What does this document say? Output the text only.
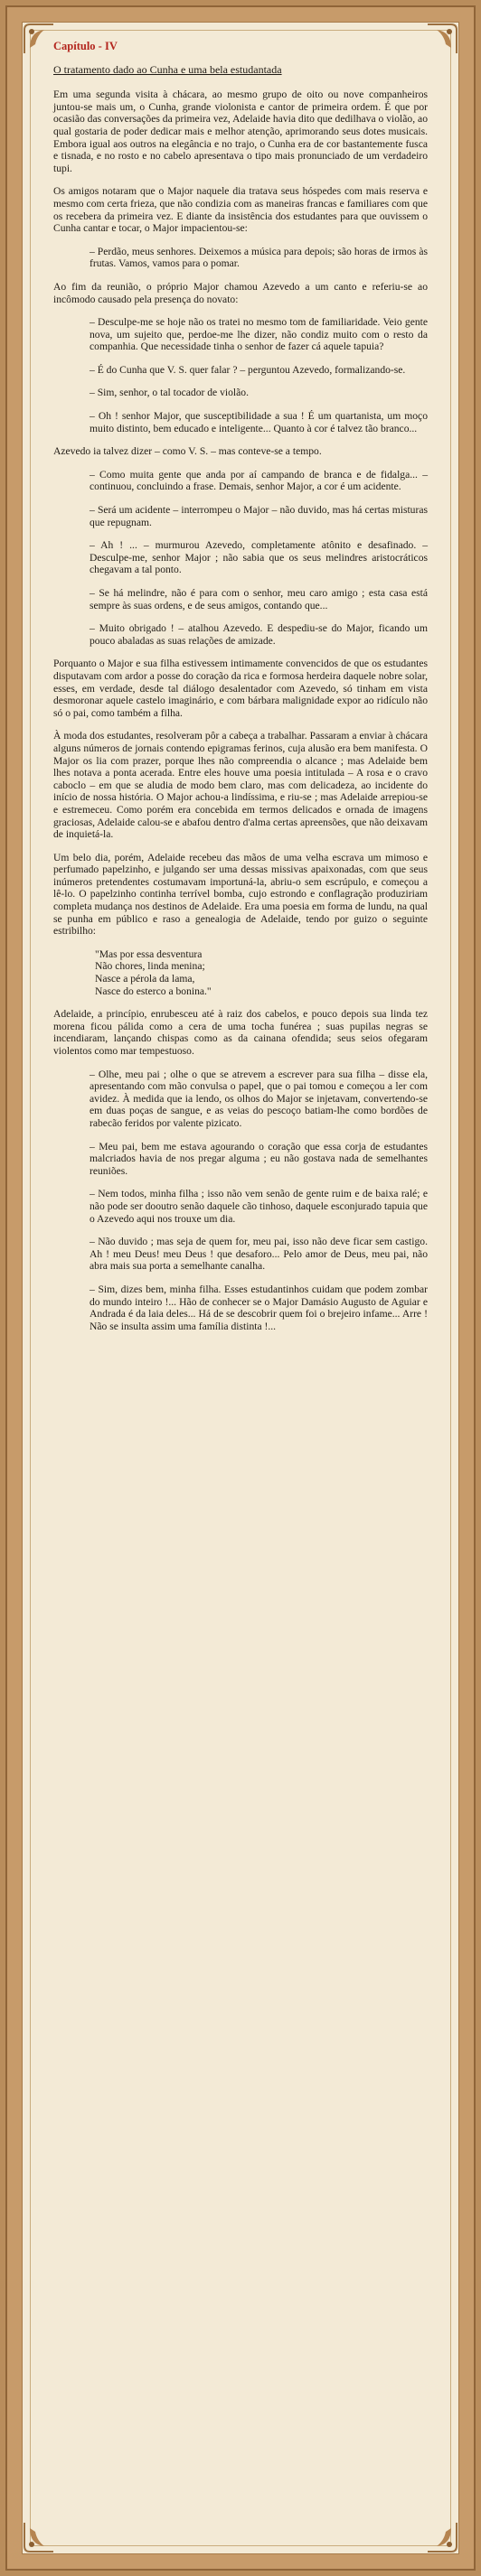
Capítulo - IV
O tratamento dado ao Cunha e uma bela estudantada

Em uma segunda visita à chácara, ao mesmo grupo de oito ou nove companheiros juntou-se mais um, o Cunha, grande violonista e cantor de primeira ordem. É que por ocasião das conversações da primeira vez, Adelaide havia dito que dedilhava o violão, ao qual gostaria de poder dedicar mais e melhor atenção, aprimorando seus dotes musicais. Embora igual aos outros na elegância e no trajo, o Cunha era de cor bastantemente fusca e tisnada, e no rosto e no cabelo apresentava o tipo mais pronunciado de um verdadeiro tupi.

Os amigos notaram que o Major naquele dia tratava seus hóspedes com mais reserva e mesmo com certa frieza, que não condizia com as maneiras francas e familiares com que os recebera da primeira vez. E diante da insistência dos estudantes para que ouvissem o Cunha cantar e tocar, o Major impacientou-se:

– Perdão, meus senhores. Deixemos a música para depois; são horas de irmos às frutas. Vamos, vamos para o pomar.

Ao fim da reunião, o próprio Major chamou Azevedo a um canto e referiu-se ao incômodo causado pela presença do novato:

– Desculpe-me se hoje não os tratei no mesmo tom de familiaridade. Veio gente nova, um sujeito que, perdoe-me lhe dizer, não condiz muito com o resto da companhia. Que necessidade tinha o senhor de fazer cá aquele tapuia?

– É do Cunha que V. S. quer falar ? – perguntou Azevedo, formalizando-se.

– Sim, senhor, o tal tocador de violão.

– Oh ! senhor Major, que susceptibilidade a sua ! É um quartanista, um moço muito distinto, bem educado e inteligente... Quanto à cor é talvez tão branco...

Azevedo ia talvez dizer – como V. S. – mas conteve-se a tempo.

– Como muita gente que anda por aí campando de branca e de fidalga... – continuou, concluindo a frase. Demais, senhor Major, a cor é um acidente.

– Será um acidente – interrompeu o Major – não duvido, mas há certas misturas que repugnam.

– Ah ! ... – murmurou Azevedo, completamente atônito e desafinado. – Desculpe-me, senhor Major ; não sabia que os seus melindres aristocráticos chegavam a tal ponto.

– Se há melindre, não é para com o senhor, meu caro amigo ; esta casa está sempre às suas ordens, e de seus amigos, contando que...

– Muito obrigado ! – atalhou Azevedo. E despediu-se do Major, ficando um pouco abaladas as suas relações de amizade.

Porquanto o Major e sua filha estivessem intimamente convencidos de que os estudantes disputavam com ardor a posse do coração da rica e formosa herdeira daquele nobre solar, esses, em verdade, desde tal diálogo desalentador com Azevedo, só tinham em vista desmoronar aquele castelo imaginário, e com bárbara malignidade expor ao ridículo não só o pai, como também a filha.

À moda dos estudantes, resolveram pôr a cabeça a trabalhar. Passaram a enviar à chácara alguns números de jornais contendo epigramas ferinos, cuja alusão era bem manifesta. O Major os lia com prazer, porque lhes não compreendia o alcance ; mas Adelaide bem lhes notava a ponta acerada. Entre eles houve uma poesia intitulada – A rosa e o cravo caboclo – em que se aludia de modo bem claro, mas com delicadeza, ao incidente do início de nossa história. O Major achou-a lindíssima, e riu-se ; mas Adelaide arrepiou-se e estremeceu. Como porém era concebida em termos delicados e ornada de imagens graciosas, Adelaide calou-se e abafou dentro d'alma certas apreensões, que não deixavam de inquietá-la.

Um belo dia, porém, Adelaide recebeu das mãos de uma velha escrava um mimoso e perfumado papelzinho, e julgando ser uma dessas missivas apaixonadas, com que seus inúmeros pretendentes costumavam importuná-la, abriu-o sem escrúpulo, e começou a lê-lo. O papelzinho continha terrível bomba, cujo estrondo e conflagração produziriam completa mudança nos destinos de Adelaide. Era uma poesia em forma de lundu, na qual se punha em público e raso a genealogia de Adelaide, tendo por guizo o seguinte estribilho:

"Mas por essa desventura
Não chores, linda menina;
Nasce a pérola da lama,
Nasce do esterco a bonina."

Adelaide, a princípio, enrubesceu até à raiz dos cabelos, e pouco depois sua linda tez morena ficou pálida como a cera de uma tocha funérea ; suas pupilas negras se incendiaram, lançando chispas como as da cainana ofendida; seus seios ofegaram violentos como mar tempestuoso.

– Olhe, meu pai ; olhe o que se atrevem a escrever para sua filha – disse ela, apresentando com mão convulsa o papel, que o pai tomou e começou a ler com avidez. À medida que ia lendo, os olhos do Major se injetavam, convertendo-se em duas poças de sangue, e as veias do pescoço batiam-lhe como bordões de rabecão feridos por valente pizicato.

– Meu pai, bem me estava agourando o coração que essa corja de estudantes malcriados havia de nos pregar alguma ; eu não gostava nada de semelhantes reuniões.

– Nem todos, minha filha ; isso não vem senão de gente ruim e de baixa ralé; e não pode ser dooutro senão daquele cão tinhoso, daquele esconjurado tapuia que o Azevedo aqui nos trouxe um dia.

– Não duvido ; mas seja de quem for, meu pai, isso não deve ficar sem castigo. Ah ! meu Deus! meu Deus ! que desaforo... Pelo amor de Deus, meu pai, não abra mais sua porta a semelhante canalha.

– Sim, dizes bem, minha filha. Esses estudantinhos cuidam que podem zombar do mundo inteiro !... Hão de conhecer se o Major Damásio Augusto de Aguiar e Andrada é da laia deles... Há de se descobrir quem foi o brejeiro infame... Arre ! Não se insulta assim uma família distinta !...
